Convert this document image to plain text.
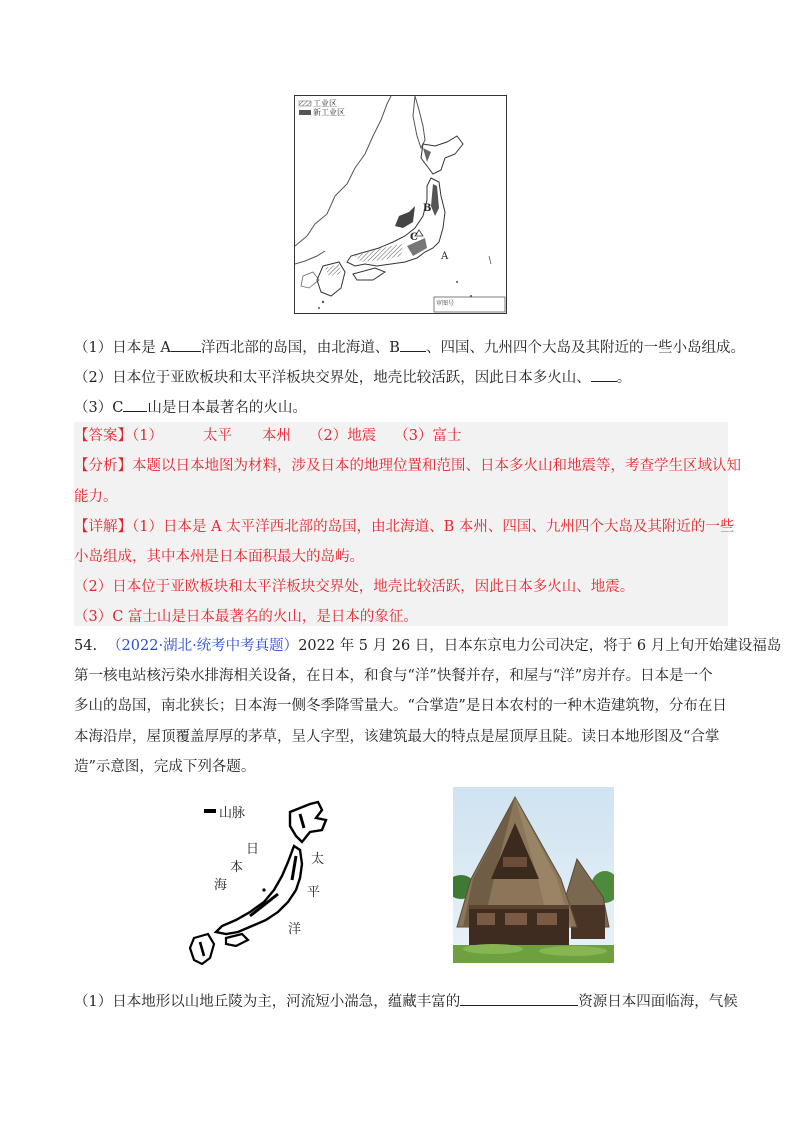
工业区
新工业区
A
B
C
审图号
（1）日本是 A 洋西北部的岛国，由北海道、B 、四国、九州四个大岛及其附近的一些小岛组成。
（2）日本位于亚欧板块和太平洋板块交界处，地壳比较活跃，因此日本多火山、 。
（3）C 山是日本最著名的火山。
【答案】（1）	太平 本州 （2）地震 （3）富士
【分析】本题以日本地图为材料，涉及日本的地理位置和范围、日本多火山和地震等，考查学生区域认知
能力。
【详解】（1）日本是 A 太平洋西北部的岛国，由北海道、B 本州、四国、九州四个大岛及其附近的一些
小岛组成，其中本州是日本面积最大的岛屿。
（2）日本位于亚欧板块和太平洋板块交界处，地壳比较活跃，因此日本多火山、地震。
（3）C 富士山是日本最著名的火山，是日本的象征。
54. （2022·湖北·统考中考真题）2022 年 5 月 26 日，日本东京电力公司决定，将于 6 月上旬开始建设福岛
第一核电站核污染水排海相关设备，在日本，和食与“洋”快餐并存，和屋与“洋”房并存。日本是一个
多山的岛国，南北狭长；日本海一侧冬季降雪量大。“合掌造”是日本农村的一种木造建筑物，分布在日
本海沿岸，屋顶覆盖厚厚的茅草，呈人字型，该建筑最大的特点是屋顶厚且陡。读日本地形图及“合掌
造”示意图，完成下列各题。
山脉
日
本
海
太
平
洋
（1）日本地形以山地丘陵为主，河流短小湍急，蕴藏丰富的	资源日本四面临海，气候
